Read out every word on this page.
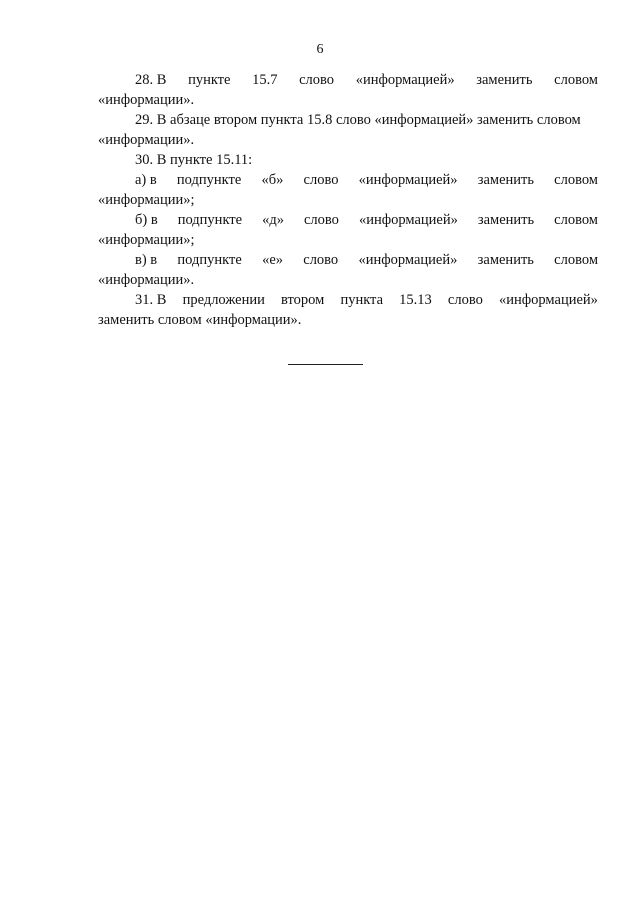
6
28. В пункте 15.7 слово «информацией» заменить словом
«информации».
29. В абзаце втором пункта 15.8 слово «информацией» заменить словом
«информации».
30. В пункте 15.11:
а) в подпункте «б» слово «информацией» заменить словом
«информации»;
б) в подпункте «д» слово «информацией» заменить словом
«информации»;
в) в подпункте «е» слово «информацией» заменить словом
«информации».
31. В предложении втором пункта 15.13 слово «информацией»
заменить словом «информации».
